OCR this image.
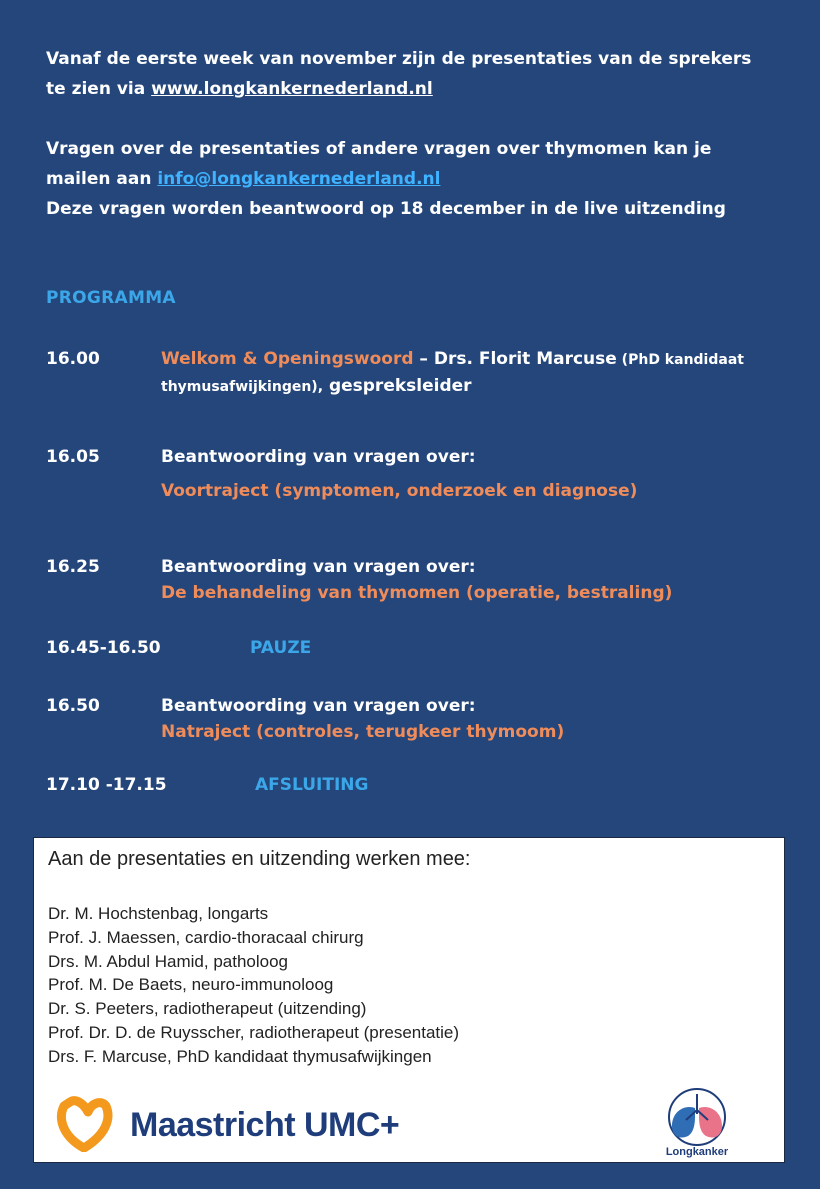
Vanaf de eerste week van november zijn de presentaties van de sprekers

te zien via www.longkankernederland.nl

Vragen over de presentaties of andere vragen over thymomen kan je

mailen aan info@longkankernederland.nl

Deze vragen worden beantwoord op 18 december in de live uitzending

PROGRAMMA
16.00	Welkom & Openingswoord – Drs. Florit Marcuse (PhD kandidaat
thymusafwijkingen), gespreksleider
16.05	Beantwoording van vragen over:
Voortraject (symptomen, onderzoek en diagnose)
16.25	Beantwoording van vragen over:
De behandeling van thymomen (operatie, bestraling)
16.45-16.50	PAUZE
16.50	Beantwoording van vragen over:
Natraject (controles, terugkeer thymoom)
17.10 -17.15	AFSLUITING
Aan de presentaties en uitzending werken mee:
Dr. M. Hochstenbag, longarts
Prof. J. Maessen, cardio-thoracaal chirurg
Drs. M. Abdul Hamid, patholoog
Prof. M. De Baets, neuro-immunoloog
Dr. S. Peeters, radiotherapeut (uitzending)
Prof. Dr. D. de Ruysscher, radiotherapeut (presentatie)
Drs. F. Marcuse, PhD kandidaat thymusafwijkingen
Maastricht UMC+
Longkanker
